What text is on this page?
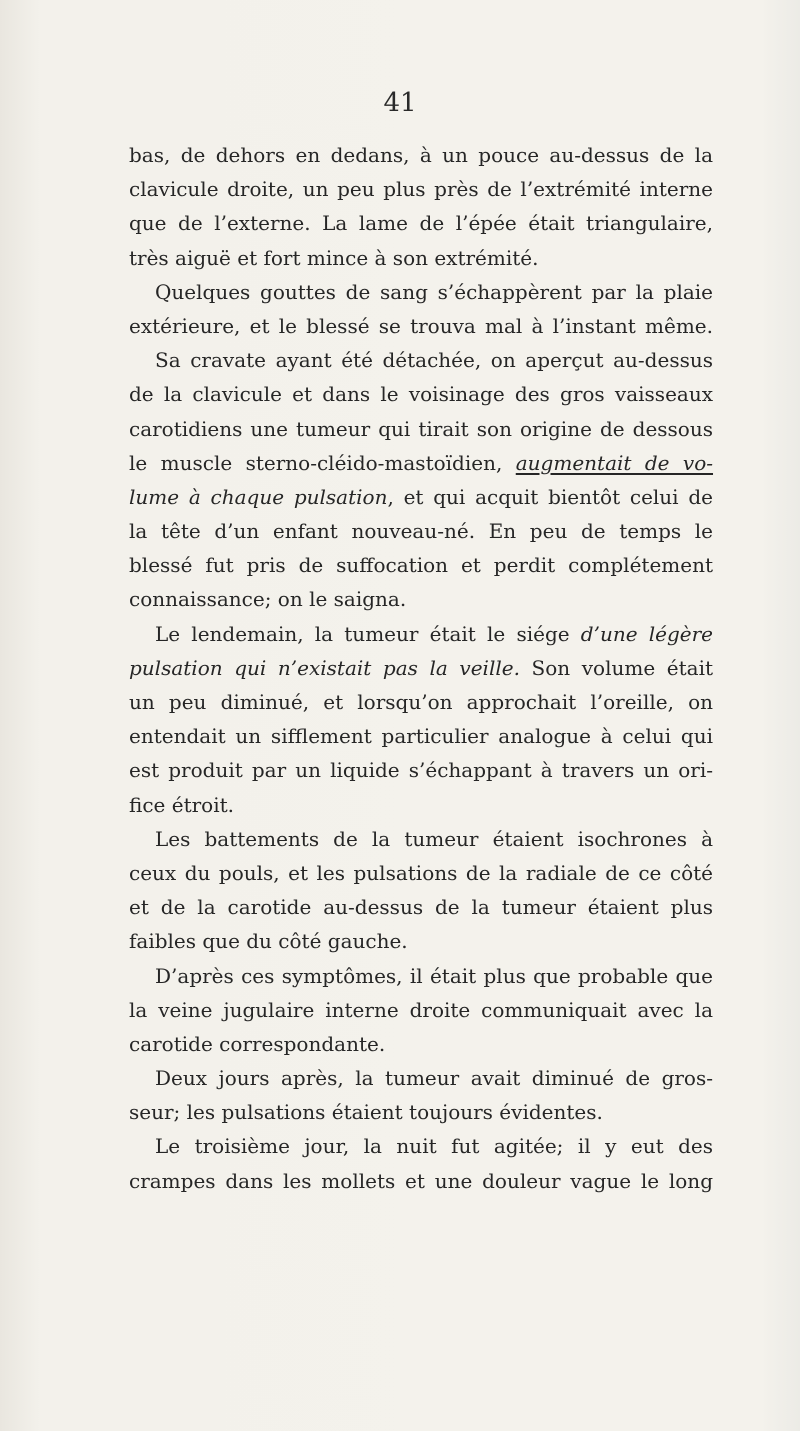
41
bas, de dehors en dedans, à un pouce au-dessus de la
clavicule droite, un peu plus près de l’extrémité interne
que de l’externe. La lame de l’épée était triangulaire,
très aiguë et fort mince à son extrémité.
Quelques gouttes de sang s’échappèrent par la plaie
extérieure, et le blessé se trouva mal à l’instant même.
Sa cravate ayant été détachée, on aperçut au-dessus
de la clavicule et dans le voisinage des gros vaisseaux
carotidiens une tumeur qui tirait son origine de dessous
le muscle sterno-cléido-mastoïdien, augmentait de vo-
lume à chaque pulsation, et qui acquit bientôt celui de
la tête d’un enfant nouveau-né. En peu de temps le
blessé fut pris de suffocation et perdit complétement
connaissance; on le saigna.
Le lendemain, la tumeur était le siége d’une légère
pulsation qui n’existait pas la veille. Son volume était
un peu diminué, et lorsqu’on approchait l’oreille, on
entendait un sifflement particulier analogue à celui qui
est produit par un liquide s’échappant à travers un ori-
fice étroit.
Les battements de la tumeur étaient isochrones à
ceux du pouls, et les pulsations de la radiale de ce côté
et de la carotide au-dessus de la tumeur étaient plus
faibles que du côté gauche.
D’après ces symptômes, il était plus que probable que
la veine jugulaire interne droite communiquait avec la
carotide correspondante.
Deux jours après, la tumeur avait diminué de gros-
seur; les pulsations étaient toujours évidentes.
Le troisième jour, la nuit fut agitée; il y eut des
crampes dans les mollets et une douleur vague le long
